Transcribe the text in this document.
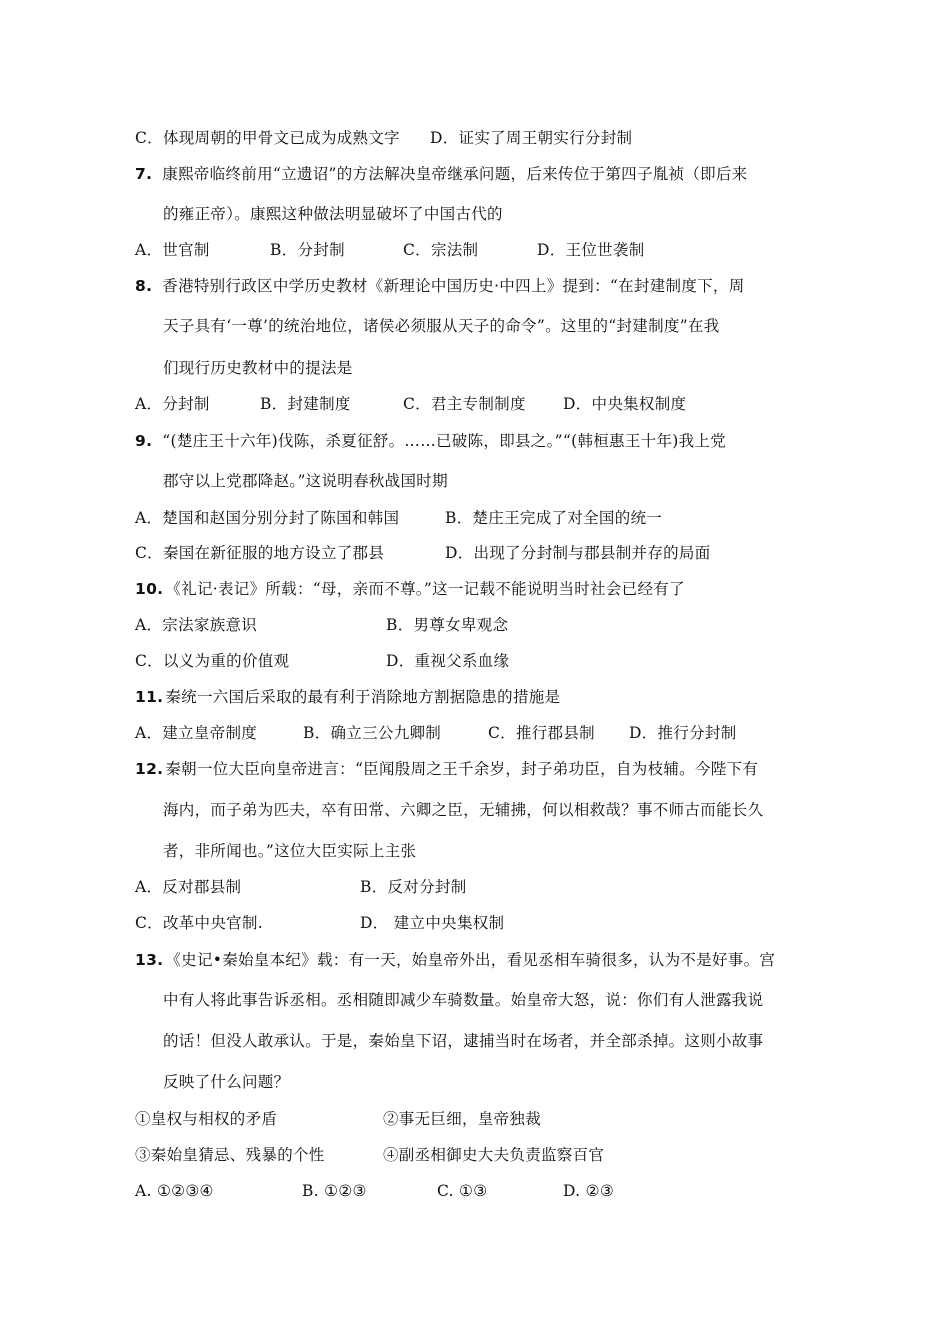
C．体现周朝的甲骨文已成为成熟文字 D．证实了周王朝实行分封制
7. 康熙帝临终前用“立遗诏”的方法解决皇帝继承问题，后来传位于第四子胤祯（即后来
的雍正帝）。康熙这种做法明显破坏了中国古代的
A．世官制	B．分封制	C．宗法制	D．王位世袭制
8. 香港特别行政区中学历史教材《新理论中国历史·中四上》提到：“在封建制度下，周
天子具有‘一尊’的统治地位，诸侯必须服从天子的命令”。这里的“封建制度”在我
们现行历史教材中的提法是
A．分封制	B．封建制度	C．君主专制制度 D．中央集权制度
9. “(楚庄王十六年)伐陈，杀夏征舒。……已破陈，即县之。”“(韩桓惠王十年)我上党
郡守以上党郡降赵。”这说明春秋战国时期
A．楚国和赵国分别分封了陈国和韩国	B．楚庄王完成了对全国的统一
C．秦国在新征服的地方设立了郡县	D．出现了分封制与郡县制并存的局面
10. 《礼记·表记》所载：“母，亲而不尊。”这一记载不能说明当时社会已经有了
A．宗法家族意识	B．男尊女卑观念
C．以义为重的价值观	D．重视父系血缘
11. 秦统一六国后采取的最有利于消除地方割据隐患的措施是
A．建立皇帝制度	B．确立三公九卿制	C．推行郡县制 D．推行分封制
12. 秦朝一位大臣向皇帝进言：“臣闻殷周之王千余岁，封子弟功臣，自为枝辅。今陛下有
海内，而子弟为匹夫，卒有田常、六卿之臣，无辅拂，何以相救哉？事不师古而能长久
者，非所闻也。”这位大臣实际上主张
A．反对郡县制	B．反对分封制
C．改革中央官制.	D． 建立中央集权制
13. 《史记•秦始皇本纪》载：有一天，始皇帝外出，看见丞相车骑很多，认为不是好事。宫
中有人将此事告诉丞相。丞相随即减少车骑数量。始皇帝大怒，说：你们有人泄露我说
的话！但没人敢承认。于是，秦始皇下诏，逮捕当时在场者，并全部杀掉。这则小故事
反映了什么问题？
①皇权与相权的矛盾	②事无巨细，皇帝独裁
③秦始皇猜忌、残暴的个性	④副丞相御史大夫负责监察百官
A. ①②③④	B. ①②③	C. ①③	D. ②③
